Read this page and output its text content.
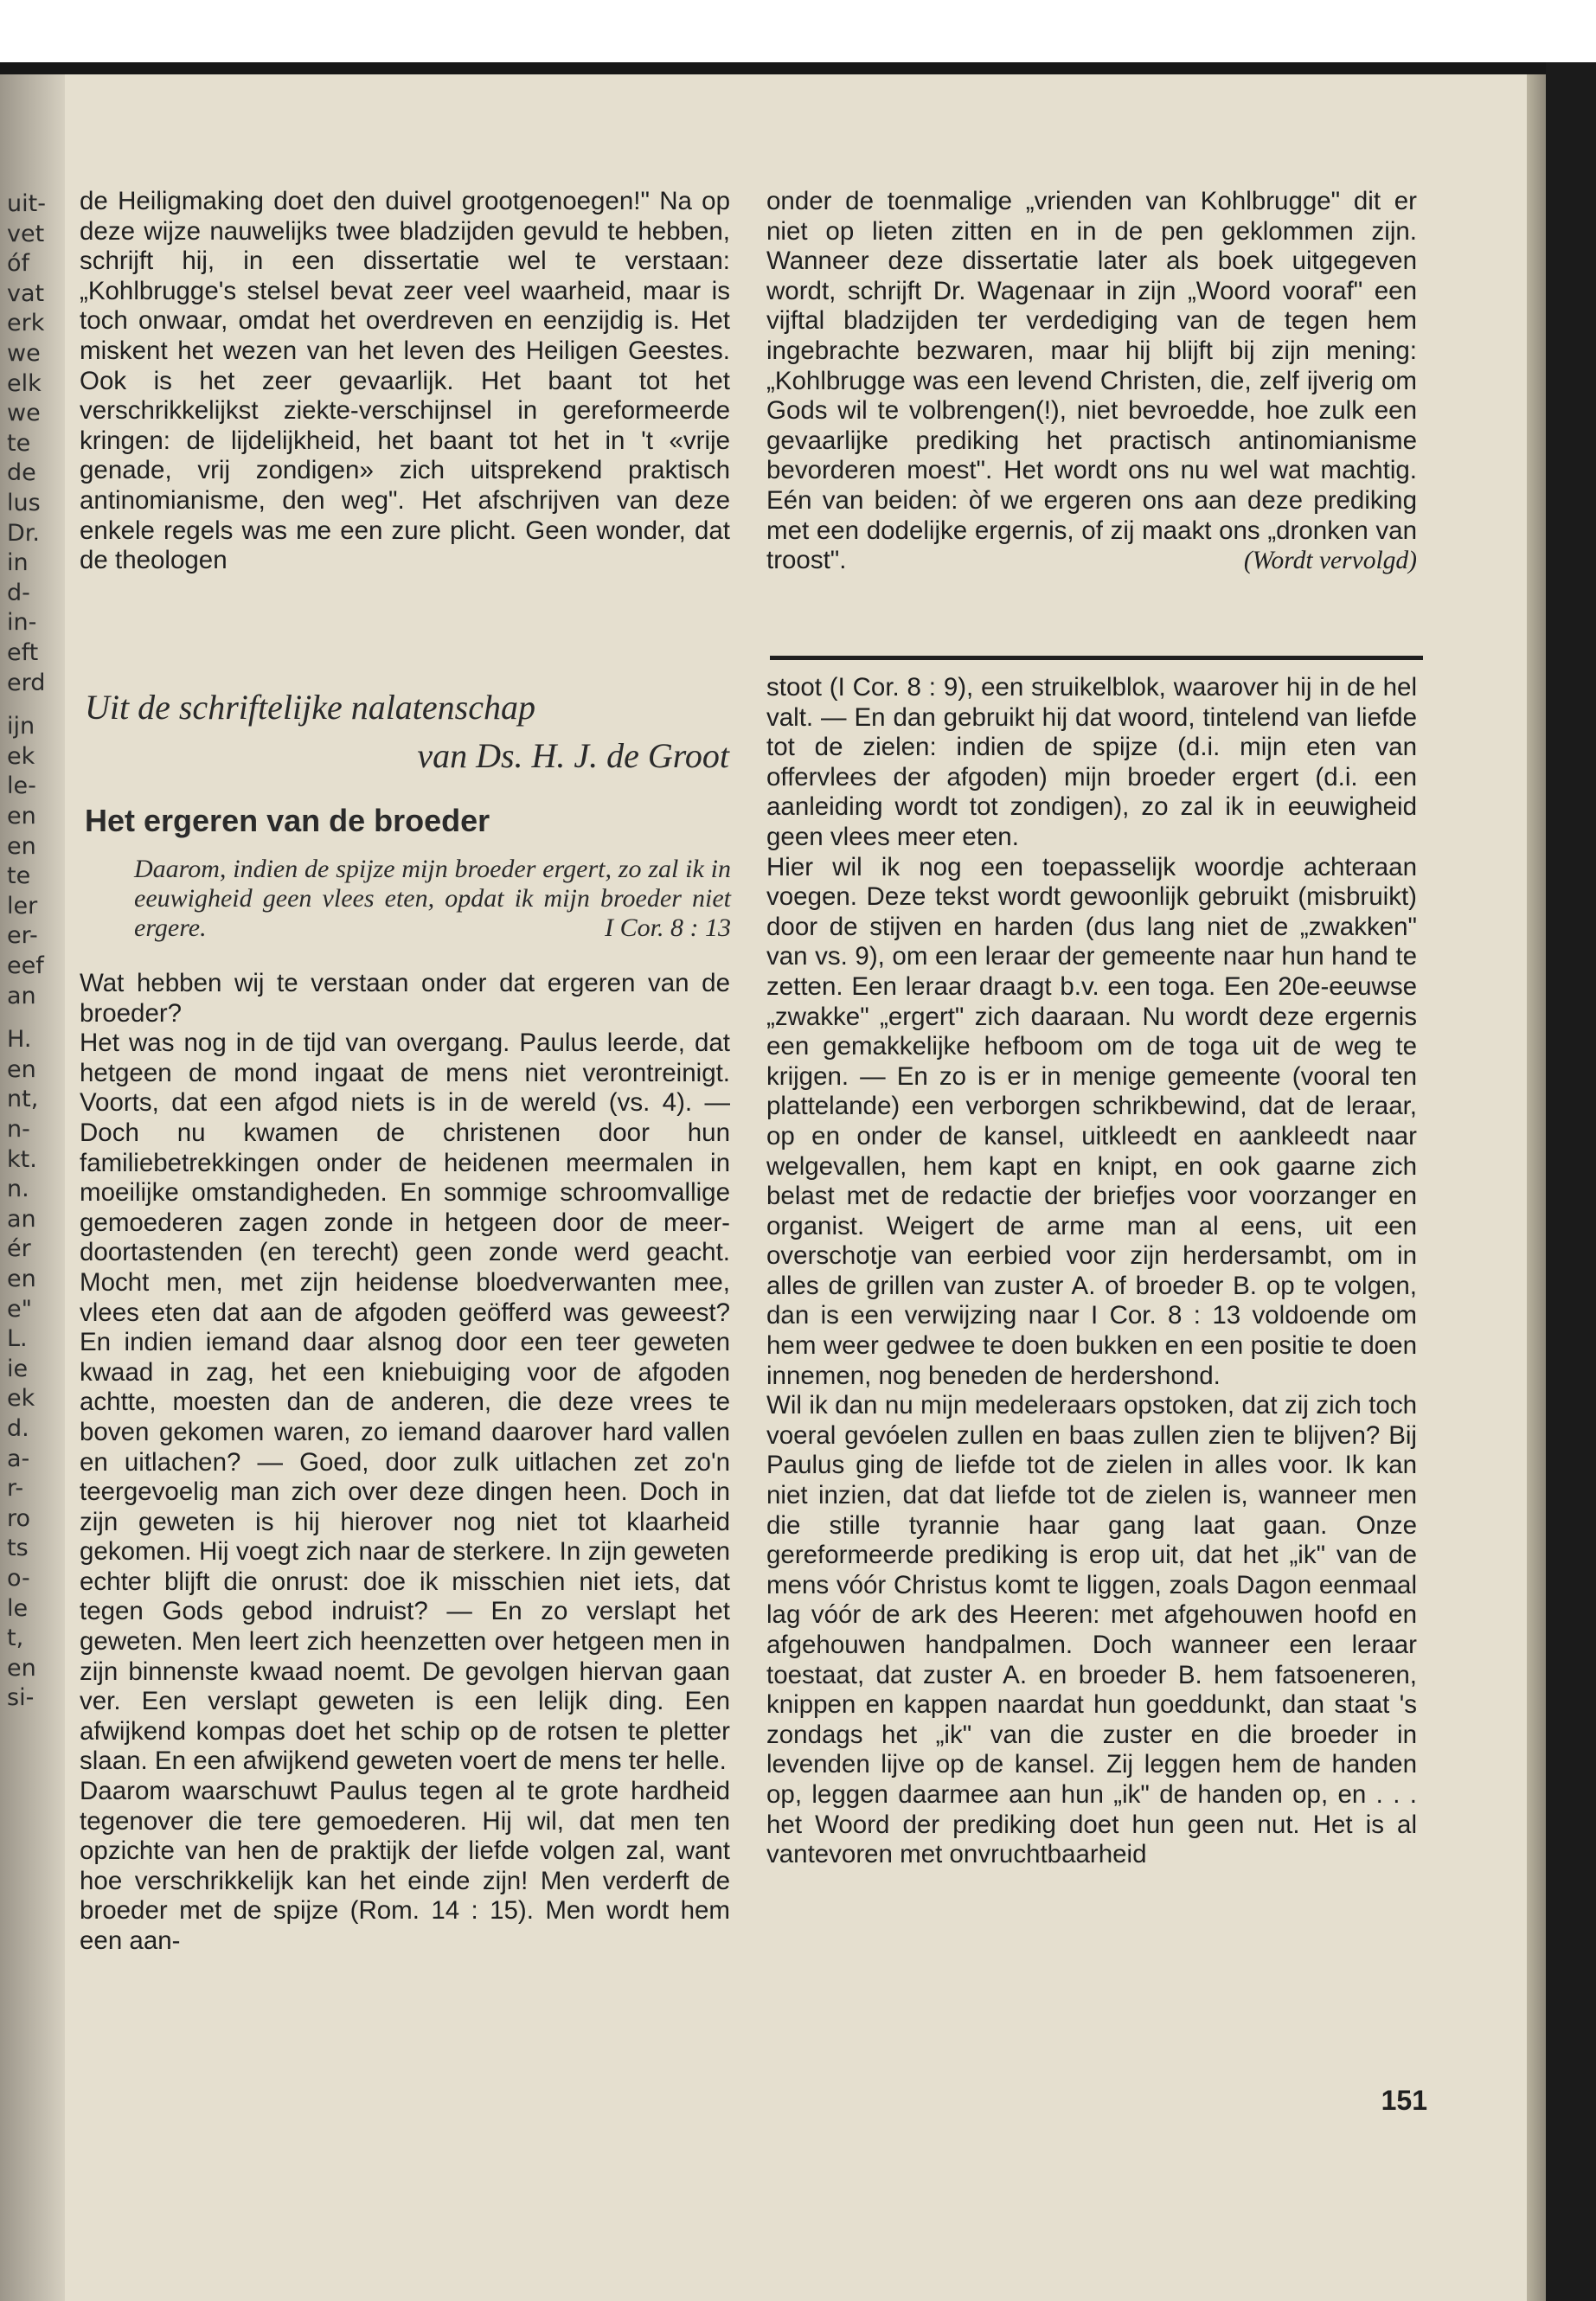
uit-
vet
óf
vat
erk
we
elk
we
te
de
lus
Dr.
in
d-
in-
eft
erd
ijn
ek
le-
en
en
te
ler
er-
eef
an
H.
en
nt,
n-
kt.
n.
an
ér
en
e"
L.
ie
ek
d.
a-
r-
ro
ts
o-
le
t,
en
si-

de Heiligmaking doet den duivel grootgenoegen!" Na op deze wijze nauwelijks twee bladzijden gevuld te hebben, schrijft hij, in een dissertatie wel te verstaan: „Kohlbrugge's stelsel bevat zeer veel waarheid, maar is toch onwaar, omdat het overdreven en eenzijdig is. Het miskent het wezen van het leven des Heiligen Geestes. Ook is het zeer gevaarlijk. Het baant tot het verschrikkelijkst ziekte-verschijnsel in gereformeerde kringen: de lijdelijkheid, het baant tot het in 't «vrije genade, vrij zondigen» zich uitsprekend praktisch antinomianisme, den weg". Het afschrijven van deze enkele regels was me een zure plicht. Geen wonder, dat de theologen

onder de toenmalige „vrienden van Kohlbrugge" dit er niet op lieten zitten en in de pen geklommen zijn. Wanneer deze dissertatie later als boek uitgegeven wordt, schrijft Dr. Wagenaar in zijn „Woord vooraf" een vijftal bladzijden ter verdediging van de tegen hem ingebrachte bezwaren, maar hij blijft bij zijn mening: „Kohlbrugge was een levend Christen, die, zelf ijverig om Gods wil te volbrengen(!), niet bevroedde, hoe zulk een gevaarlijke prediking het practisch antinomianisme bevorderen moest". Het wordt ons nu wel wat machtig. Eén van beiden: òf we ergeren ons aan deze prediking met een dodelijke ergernis, of zij maakt ons „dronken van troost".	(Wordt vervolgd)

Uit de schriftelijke nalatenschap
van Ds. H. J. de Groot
Het ergeren van de broeder
Daarom, indien de spijze mijn broeder ergert, zo zal ik in eeuwigheid geen vlees eten, opdat ik mijn broeder niet ergere.	I Cor. 8 : 13

Wat hebben wij te verstaan onder dat ergeren van de broeder?

Het was nog in de tijd van overgang. Paulus leerde, dat hetgeen de mond ingaat de mens niet verontreinigt. Voorts, dat een afgod niets is in de wereld (vs. 4). — Doch nu kwamen de christenen door hun familiebetrekkingen onder de heidenen meermalen in moeilijke omstandigheden. En sommige schroomvallige gemoederen zagen zonde in hetgeen door de meer-doortastenden (en terecht) geen zonde werd geacht. Mocht men, met zijn heidense bloedverwanten mee, vlees eten dat aan de afgoden geöfferd was geweest? En indien iemand daar alsnog door een teer geweten kwaad in zag, het een kniebuiging voor de afgoden achtte, moesten dan de anderen, die deze vrees te boven gekomen waren, zo iemand daarover hard vallen en uitlachen? — Goed, door zulk uitlachen zet zo'n teergevoelig man zich over deze dingen heen. Doch in zijn geweten is hij hierover nog niet tot klaarheid gekomen. Hij voegt zich naar de sterkere. In zijn geweten echter blijft die onrust: doe ik misschien niet iets, dat tegen Gods gebod indruist? — En zo verslapt het geweten. Men leert zich heenzetten over hetgeen men in zijn binnenste kwaad noemt. De gevolgen hiervan gaan ver. Een verslapt geweten is een lelijk ding. Een afwijkend kompas doet het schip op de rotsen te pletter slaan. En een afwijkend geweten voert de mens ter helle.

Daarom waarschuwt Paulus tegen al te grote hardheid tegenover die tere gemoederen. Hij wil, dat men ten opzichte van hen de praktijk der liefde volgen zal, want hoe verschrikkelijk kan het einde zijn! Men verderft de broeder met de spijze (Rom. 14 : 15). Men wordt hem een aan-

stoot (I Cor. 8 : 9), een struikelblok, waarover hij in de hel valt. — En dan gebruikt hij dat woord, tintelend van liefde tot de zielen: indien de spijze (d.i. mijn eten van offervlees der afgoden) mijn broeder ergert (d.i. een aanleiding wordt tot zondigen), zo zal ik in eeuwigheid geen vlees meer eten.

Hier wil ik nog een toepasselijk woordje achteraan voegen. Deze tekst wordt gewoonlijk gebruikt (misbruikt) door de stijven en harden (dus lang niet de „zwakken" van vs. 9), om een leraar der gemeente naar hun hand te zetten. Een leraar draagt b.v. een toga. Een 20e-eeuwse „zwakke" „ergert" zich daaraan. Nu wordt deze ergernis een gemakkelijke hefboom om de toga uit de weg te krijgen. — En zo is er in menige gemeente (vooral ten plattelande) een verborgen schrikbewind, dat de leraar, op en onder de kansel, uitkleedt en aankleedt naar welgevallen, hem kapt en knipt, en ook gaarne zich belast met de redactie der briefjes voor voorzanger en organist. Weigert de arme man al eens, uit een overschotje van eerbied voor zijn herdersambt, om in alles de grillen van zuster A. of broeder B. op te volgen, dan is een verwijzing naar I Cor. 8 : 13 voldoende om hem weer gedwee te doen bukken en een positie te doen innemen, nog beneden de herdershond.

Wil ik dan nu mijn medeleraars opstoken, dat zij zich toch voeral gevóelen zullen en baas zullen zien te blijven? Bij Paulus ging de liefde tot de zielen in alles voor. Ik kan niet inzien, dat dat liefde tot de zielen is, wanneer men die stille tyrannie haar gang laat gaan. Onze gereformeerde prediking is erop uit, dat het „ik" van de mens vóór Christus komt te liggen, zoals Dagon eenmaal lag vóór de ark des Heeren: met afgehouwen hoofd en afgehouwen handpalmen. Doch wanneer een leraar toestaat, dat zuster A. en broeder B. hem fatsoeneren, knippen en kappen naardat hun goeddunkt, dan staat 's zondags het „ik" van die zuster en die broeder in levenden lijve op de kansel. Zij leggen hem de handen op, leggen daarmee aan hun „ik" de handen op, en . . . het Woord der prediking doet hun geen nut. Het is al vantevoren met onvruchtbaarheid

151
